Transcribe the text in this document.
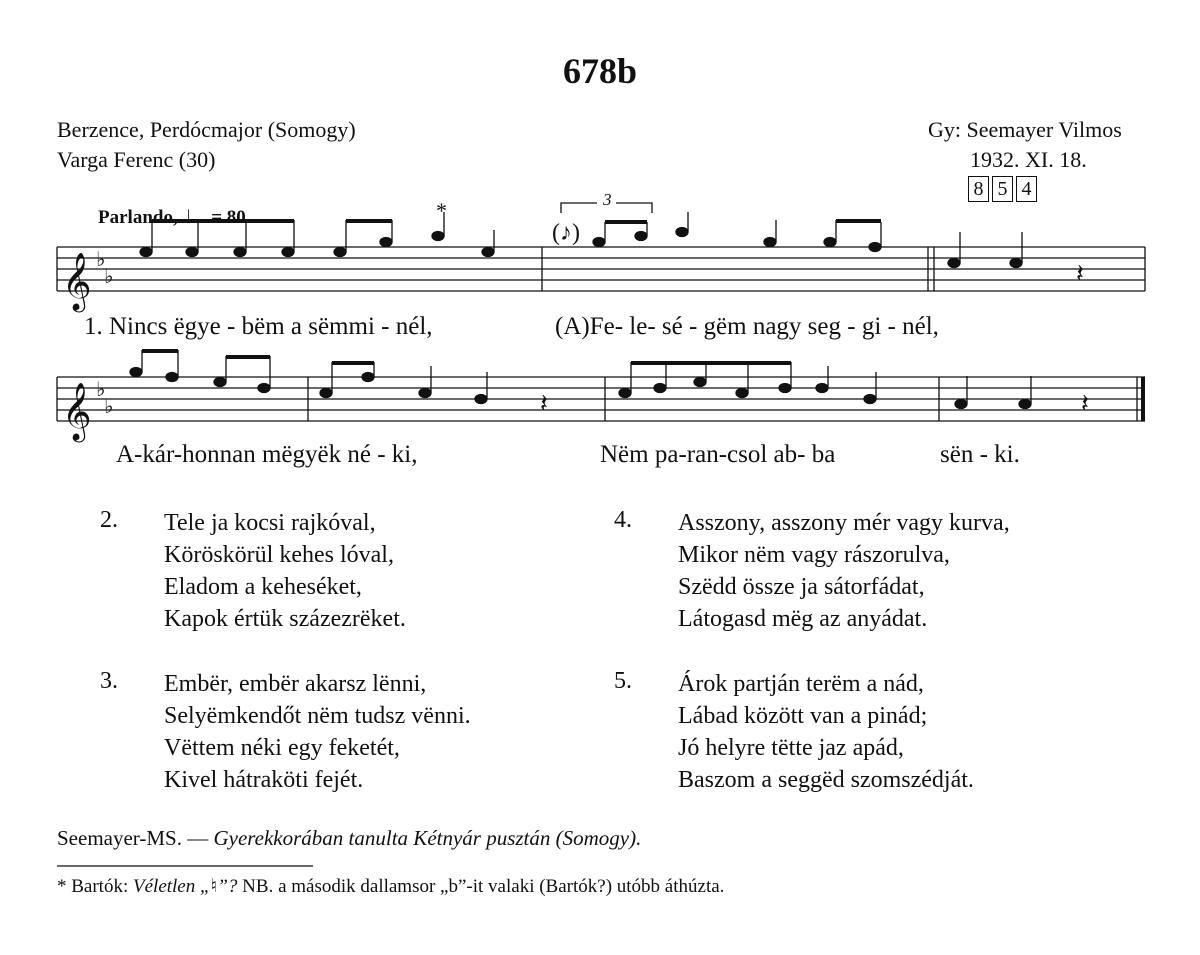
678b
Berzence, Perdócmajor (Somogy)
Varga Ferenc (30)
Gy: Seemayer Vilmos
1932. XI. 18.
8 5 4
Parlando, ♩ = 80	*	3
(♪)
𝄞 ♭
♭
𝄞 ♭
♭
𝄽
𝄽	𝄽
1. Nincs ëgye - bëm a sëmmi - nél,	(A)Fe- le- sé - gëm nagy seg - gi - nél,
A-kár-honnan mëgyëk né - ki,	Nëm pa-ran-csol ab- ba	sën - ki.
2. Tele ja kocsi rajkóval,
Köröskörül kehes lóval,
Eladom a keheséket,
Kapok értük százezrëket.
4. Asszony, asszony mér vagy kurva,
Mikor nëm vagy rászorulva,
Szëdd össze ja sátorfádat,
Látogasd mëg az anyádat.
3. Embër, embër akarsz lënni,
Selyëmkendőt nëm tudsz vënni.
Vëttem néki egy feketét,
Kivel hátraköti fejét.
5. Árok partján terëm a nád,
Lábad között van a pinád;
Jó helyre tëtte jaz apád,
Baszom a seggëd szomszédját.
Seemayer-MS. — Gyerekkorában tanulta Kétnyár pusztán (Somogy).
* Bartók: Véletlen „♮”? NB. a második dallamsor „b”-it valaki (Bartók?) utóbb áthúzta.
